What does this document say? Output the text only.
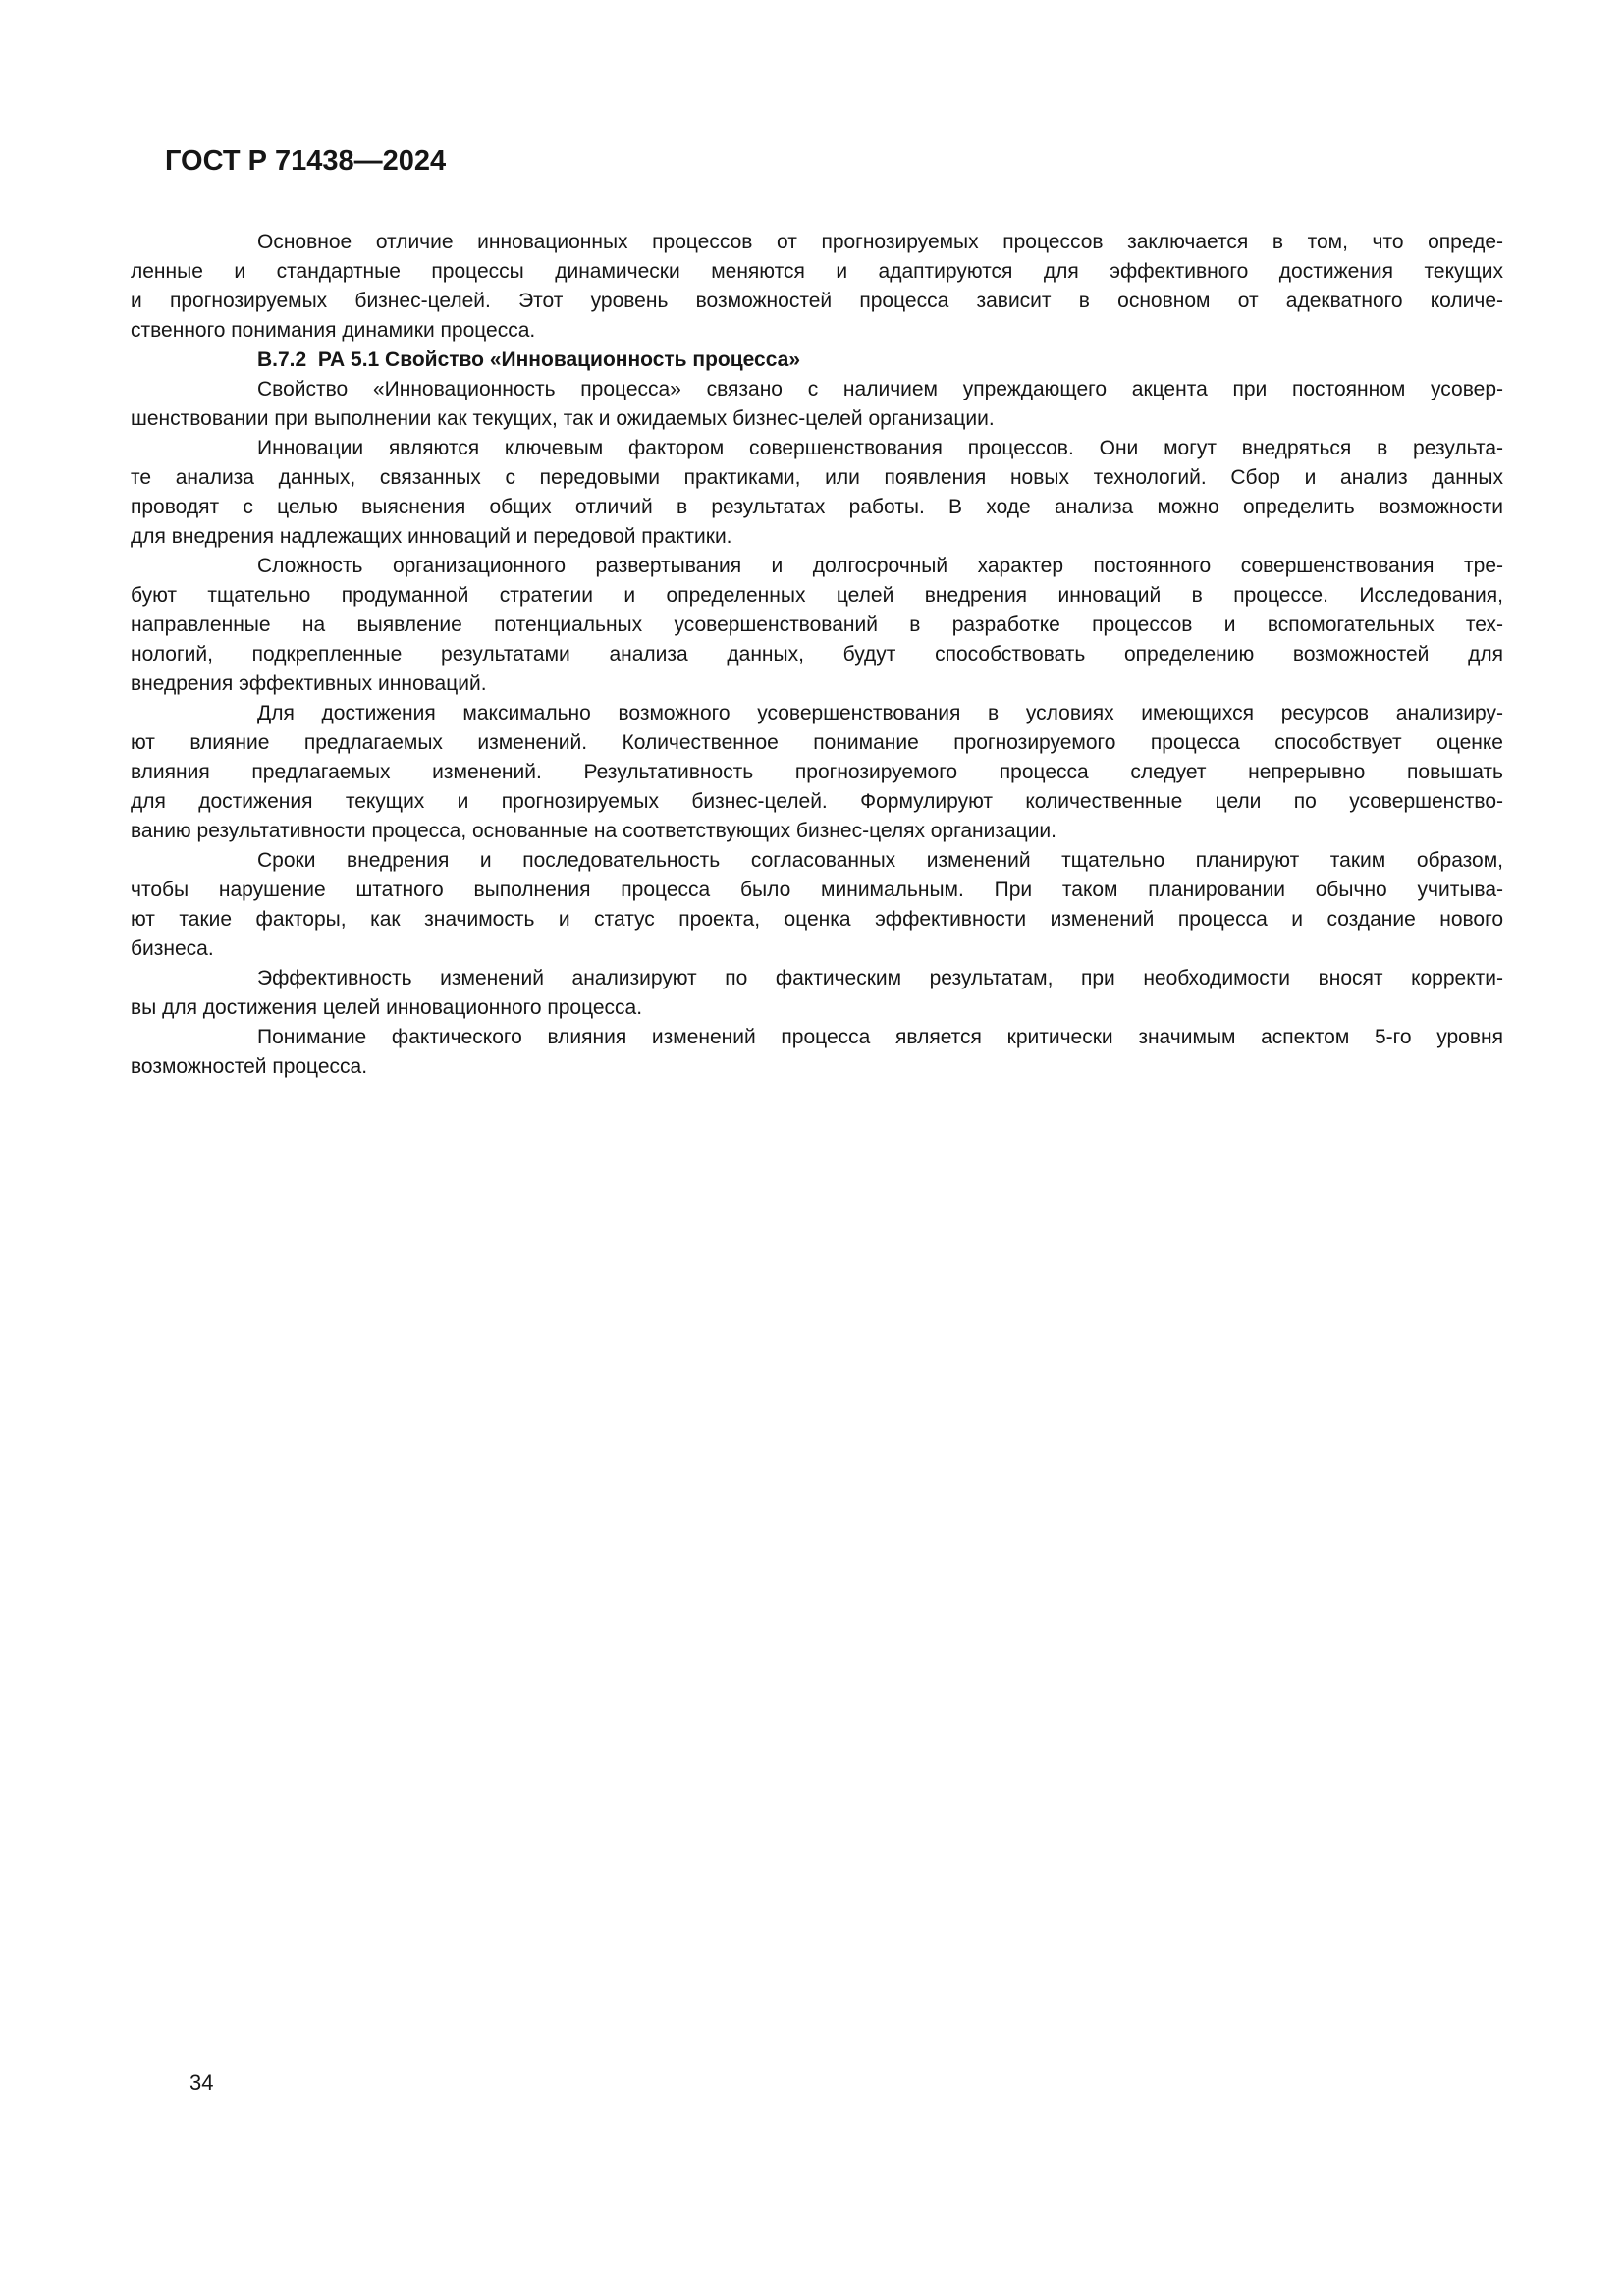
ГОСТ Р 71438—2024
Основное отличие инновационных процессов от прогнозируемых процессов заключается в том, что опреде-
ленные и стандартные процессы динамически меняются и адаптируются для эффективного достижения текущих
и прогнозируемых бизнес-целей. Этот уровень возможностей процесса зависит в основном от адекватного количе-
ственного понимания динамики процесса.
В.7.2  РА 5.1 Свойство «Инновационность процесса»
Свойство «Инновационность процесса» связано с наличием упреждающего акцента при постоянном усовер-
шенствовании при выполнении как текущих, так и ожидаемых бизнес-целей организации.
Инновации являются ключевым фактором совершенствования процессов. Они могут внедряться в результа-
те анализа данных, связанных с передовыми практиками, или появления новых технологий. Сбор и анализ данных
проводят с целью выяснения общих отличий в результатах работы. В ходе анализа можно определить возможности
для внедрения надлежащих инноваций и передовой практики.
Сложность организационного развертывания и долгосрочный характер постоянного совершенствования тре-
буют тщательно продуманной стратегии и определенных целей внедрения инноваций в процессе. Исследования,
направленные на выявление потенциальных усовершенствований в разработке процессов и вспомогательных тех-
нологий, подкрепленные результатами анализа данных, будут способствовать определению возможностей для
внедрения эффективных инноваций.
Для достижения максимально возможного усовершенствования в условиях имеющихся ресурсов анализиру-
ют влияние предлагаемых изменений. Количественное понимание прогнозируемого процесса способствует оценке
влияния предлагаемых изменений. Результативность прогнозируемого процесса следует непрерывно повышать
для достижения текущих и прогнозируемых бизнес-целей. Формулируют количественные цели по усовершенство-
ванию результативности процесса, основанные на соответствующих бизнес-целях организации.
Сроки внедрения и последовательность согласованных изменений тщательно планируют таким образом,
чтобы нарушение штатного выполнения процесса было минимальным. При таком планировании обычно учитыва-
ют такие факторы, как значимость и статус проекта, оценка эффективности изменений процесса и создание нового
бизнеса.
Эффективность изменений анализируют по фактическим результатам, при необходимости вносят корректи-
вы для достижения целей инновационного процесса.
Понимание фактического влияния изменений процесса является критически значимым аспектом 5-го уровня
возможностей процесса.
34
